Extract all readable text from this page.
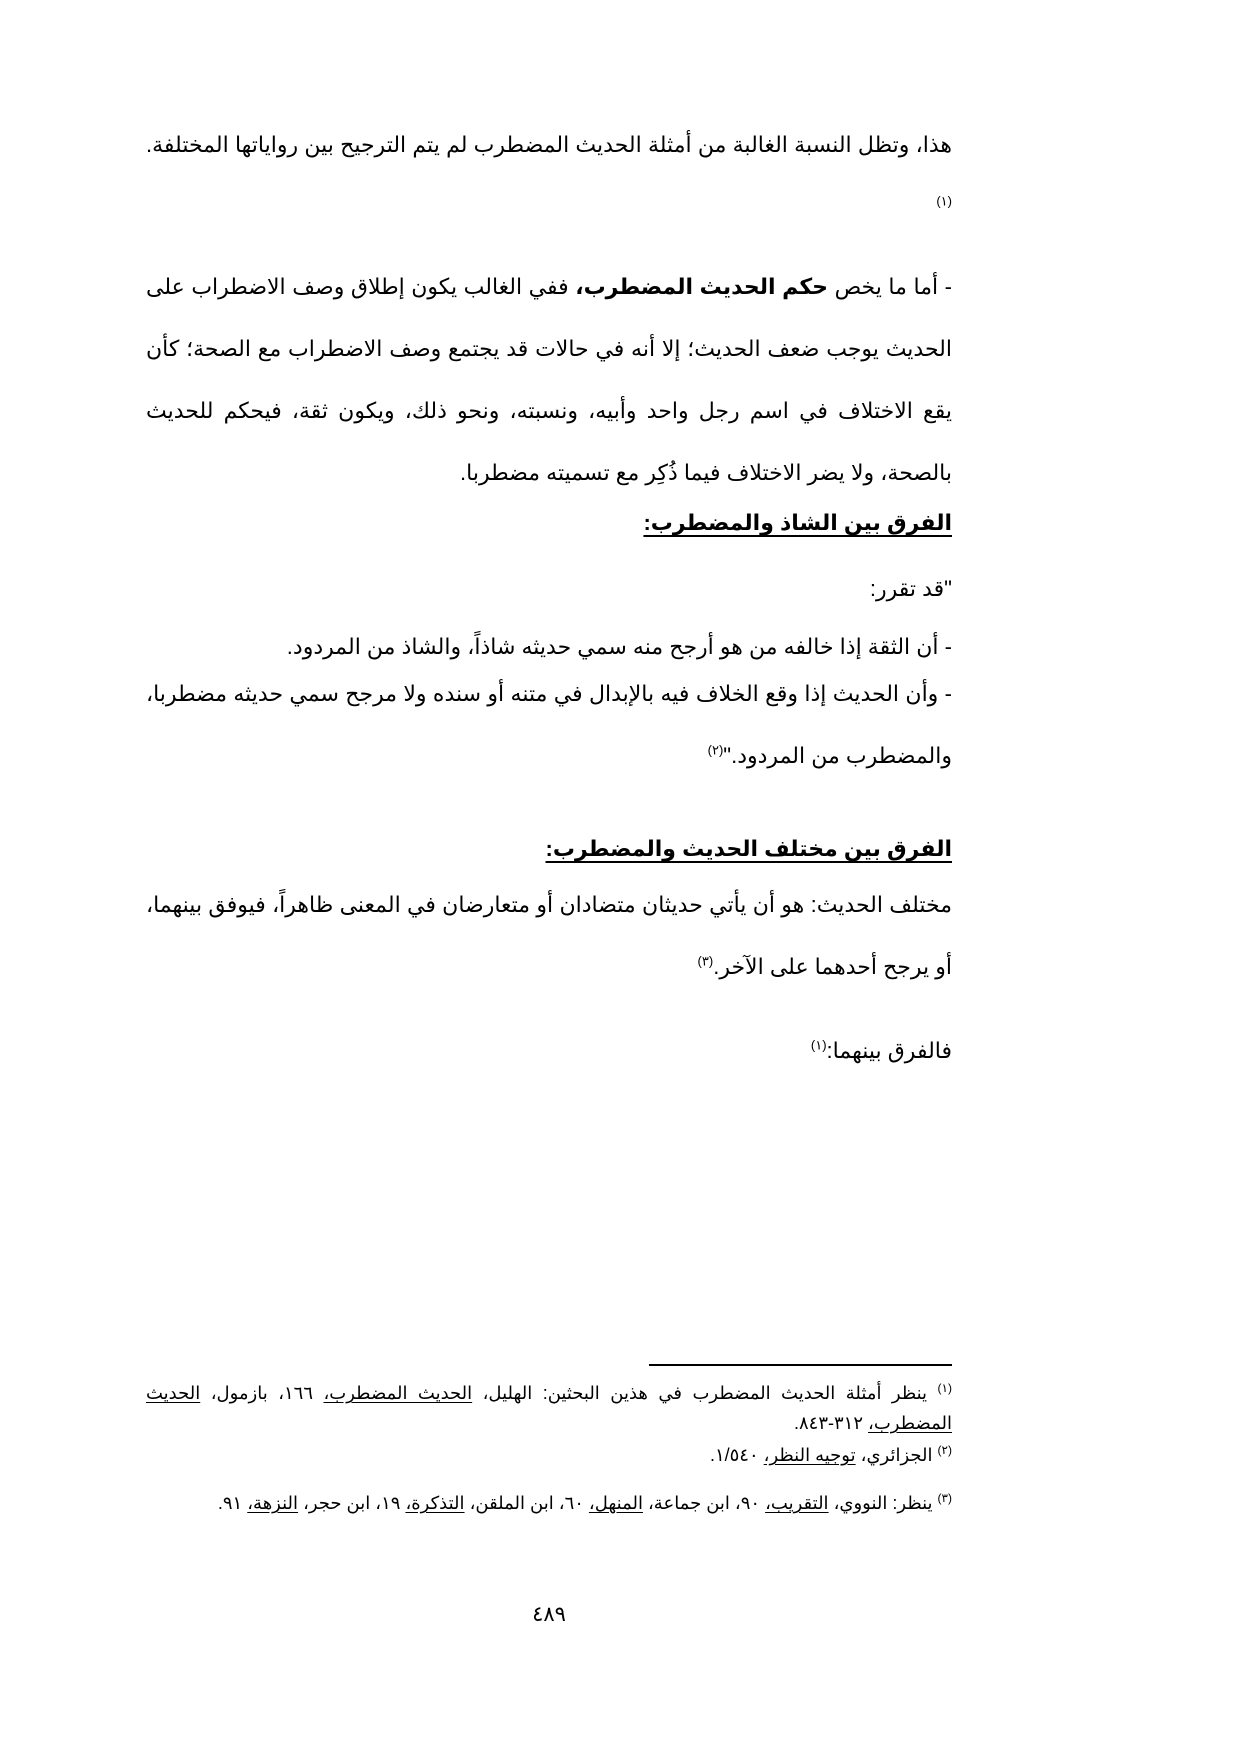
هذا، وتظل النسبة الغالبة من أمثلة الحديث المضطرب لم يتم الترجيح بين رواياتها المختلفة.$^{(١)}$

- أما ما يخص حكم الحديث المضطرب، ففي الغالب يكون إطلاق وصف الاضطراب على الحديث يوجب ضعف الحديث؛ إلا أنه في حالات قد يجتمع وصف الاضطراب مع الصحة؛ كأن يقع الاختلاف في اسم رجل واحد وأبيه، ونسبته، ونحو ذلك، ويكون ثقة، فيحكم للحديث بالصحة، ولا يضر الاختلاف فيما ذُكِر مع تسميته مضطربا.

الفرق بين الشاذ والمضطرب:

"قد تقرر:

- أن الثقة إذا خالفه من هو أرجح منه سمي حديثه شاذاً، والشاذ من المردود.

- وأن الحديث إذا وقع الخلاف فيه بالإبدال في متنه أو سنده ولا مرجح سمي حديثه مضطربا، والمضطرب من المردود."$^{(٢)}$

الفرق بين مختلف الحديث والمضطرب:

مختلف الحديث: هو أن يأتي حديثان متضادان أو متعارضان في المعنى ظاهراً، فيوفق بينهما، أو يرجح أحدهما على الآخر.$^{(٣)}$

فالفرق بينهما:$^{(١)}$

$^{(١)}$ ينظر أمثلة الحديث المضطرب في هذين البحثين: الهليل، الحديث المضطرب، ١٦٦، بازمول، الحديث المضطرب، ٣١٢-٨٤٣.

$^{(٢)}$ الجزائري، توجيه النظر، ١/٥٤٠.

$^{(٣)}$ ينظر: النووي، التقريب، ٩٠، ابن جماعة، المنهل، ٦٠، ابن الملقن، التذكرة، ١٩، ابن حجر، النزهة، ٩١.

٤٨٩
